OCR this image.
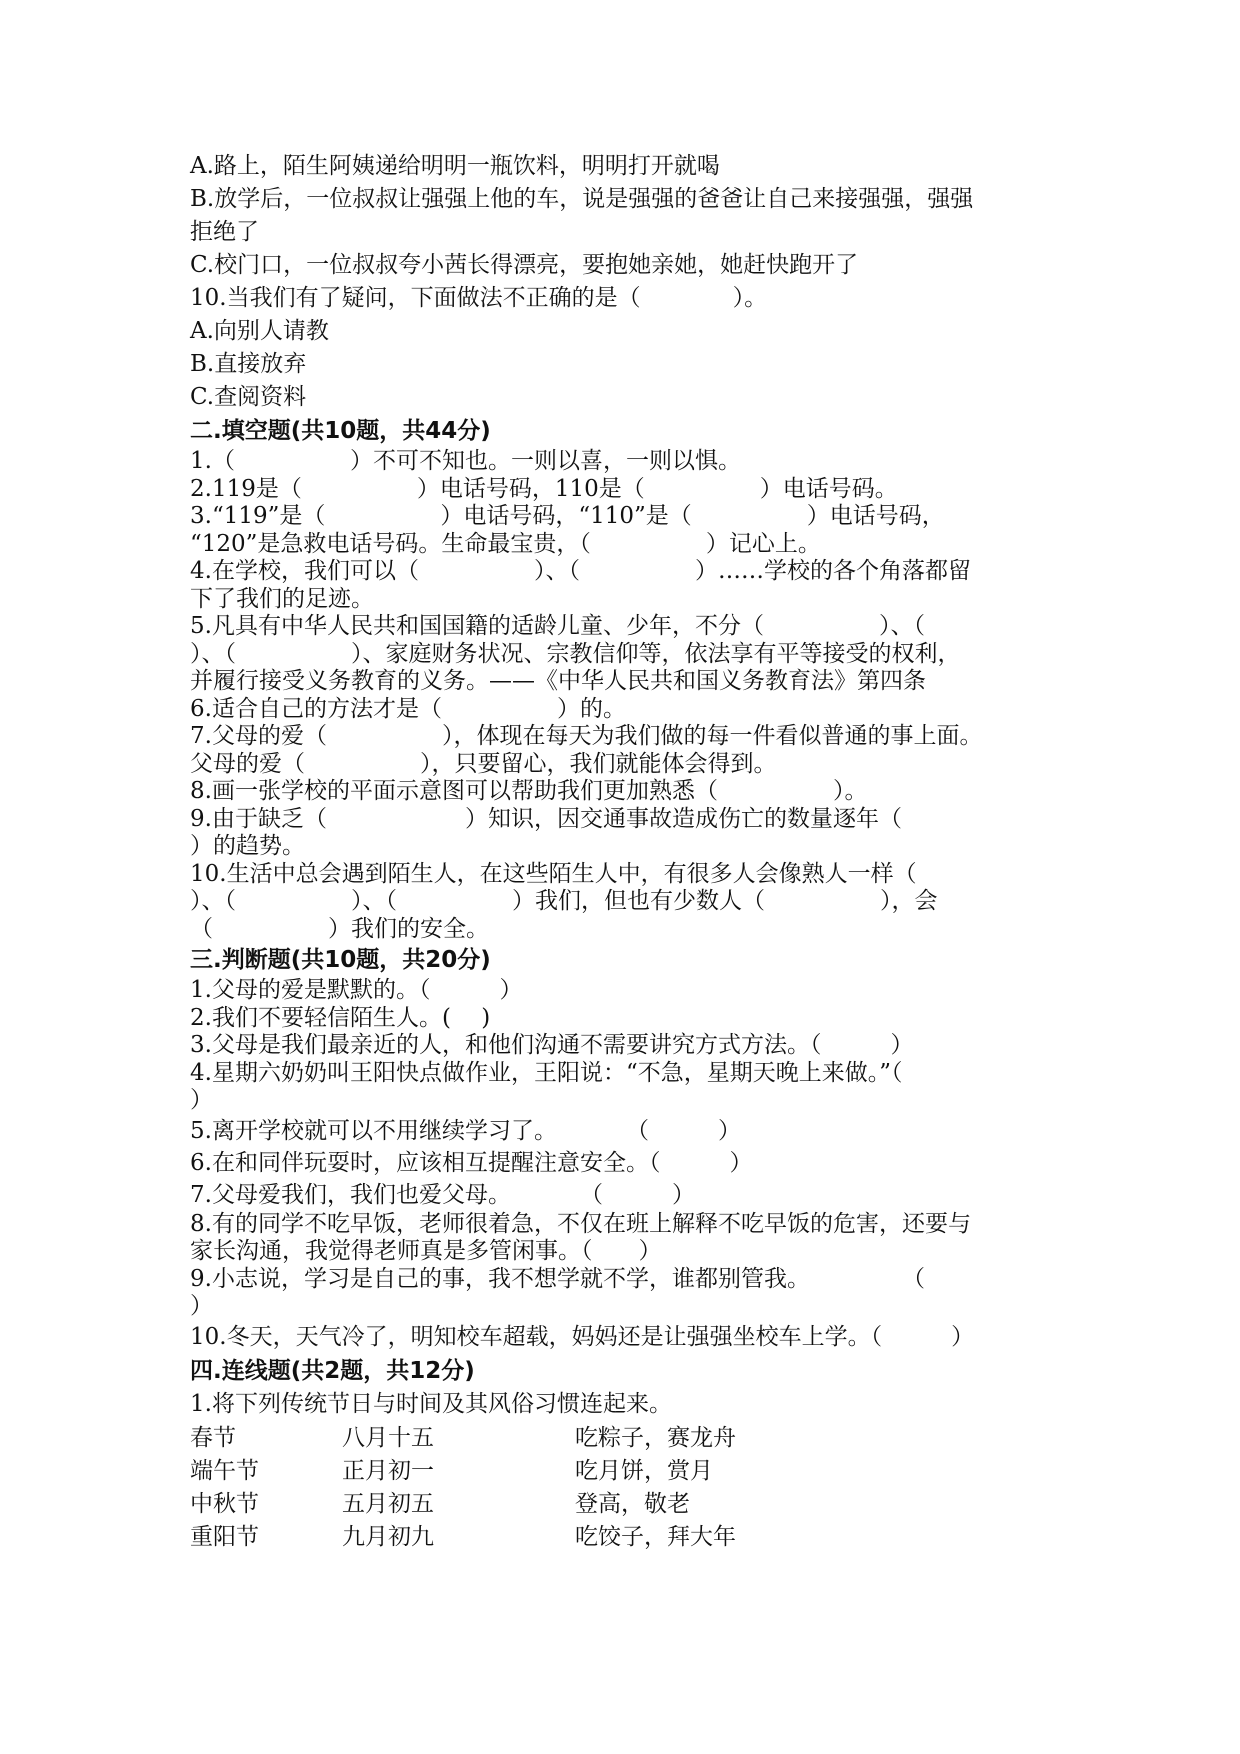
A.路上，陌生阿姨递给明明一瓶饮料，明明打开就喝

B.放学后，一位叔叔让强强上他的车，说是强强的爸爸让自己来接强强，强强

拒绝了

C.校门口，一位叔叔夸小茜长得漂亮，要抱她亲她，她赶快跑开了

10.当我们有了疑问，下面做法不正确的是（　　　　）。

A.向别人请教

B.直接放弃

C.查阅资料

二.填空题(共10题，共44分)

1.（　　　　　）不可不知也。一则以喜，一则以惧。

2.119是（　　　　　）电话号码，110是（　　　　　）电话号码。

3.“119”是（　　　　　）电话号码，“110”是（　　　　　）电话号码，

“120”是急救电话号码。生命最宝贵，（　　　　　）记心上。

4.在学校，我们可以（　　　　　）、（　　　　　）……学校的各个角落都留

下了我们的足迹。

5.凡具有中华人民共和国国籍的适龄儿童、少年，不分（　　　　　）、（

）、（　　　　　）、家庭财务状况、宗教信仰等，依法享有平等接受的权利，

并履行接受义务教育的义务。——《中华人民共和国义务教育法》第四条

6.适合自己的方法才是（　　　　　）的。

7.父母的爱（　　　　　），体现在每天为我们做的每一件看似普通的事上面。

父母的爱（　　　　　），只要留心，我们就能体会得到。

8.画一张学校的平面示意图可以帮助我们更加熟悉（　　　　　）。

9.由于缺乏（　　　　　　）知识，因交通事故造成伤亡的数量逐年（

）的趋势。

10.生活中总会遇到陌生人，在这些陌生人中，有很多人会像熟人一样（

）、（　　　　　）、（　　　　　）我们，但也有少数人（　　　　　），会

（　　　　　）我们的安全。

三.判断题(共10题，共20分)

1.父母的爱是默默的。（　　　）

2.我们不要轻信陌生人。(　 )

3.父母是我们最亲近的人，和他们沟通不需要讲究方式方法。（　　　）

4.星期六奶奶叫王阳快点做作业，王阳说：“不急，星期天晚上来做。”（

）

5.离开学校就可以不用继续学习了。　　　　（　　　）

6.在和同伴玩耍时，应该相互提醒注意安全。（　　　）

7.父母爱我们，我们也爱父母。　　　　（　　　）

8.有的同学不吃早饭，老师很着急，不仅在班上解释不吃早饭的危害，还要与

家长沟通，我觉得老师真是多管闲事。（　　）

9.小志说，学习是自己的事，我不想学就不学，谁都别管我。　　　　　（

）

10.冬天，天气冷了，明知校车超载，妈妈还是让强强坐校车上学。（　　　）

四.连线题(共2题，共12分)

1.将下列传统节日与时间及其风俗习惯连起来。

春节	八月十五	吃粽子，赛龙舟
端午节	正月初一	吃月饼，赏月
中秋节	五月初五	登高，敬老
重阳节	九月初九	吃饺子，拜大年
